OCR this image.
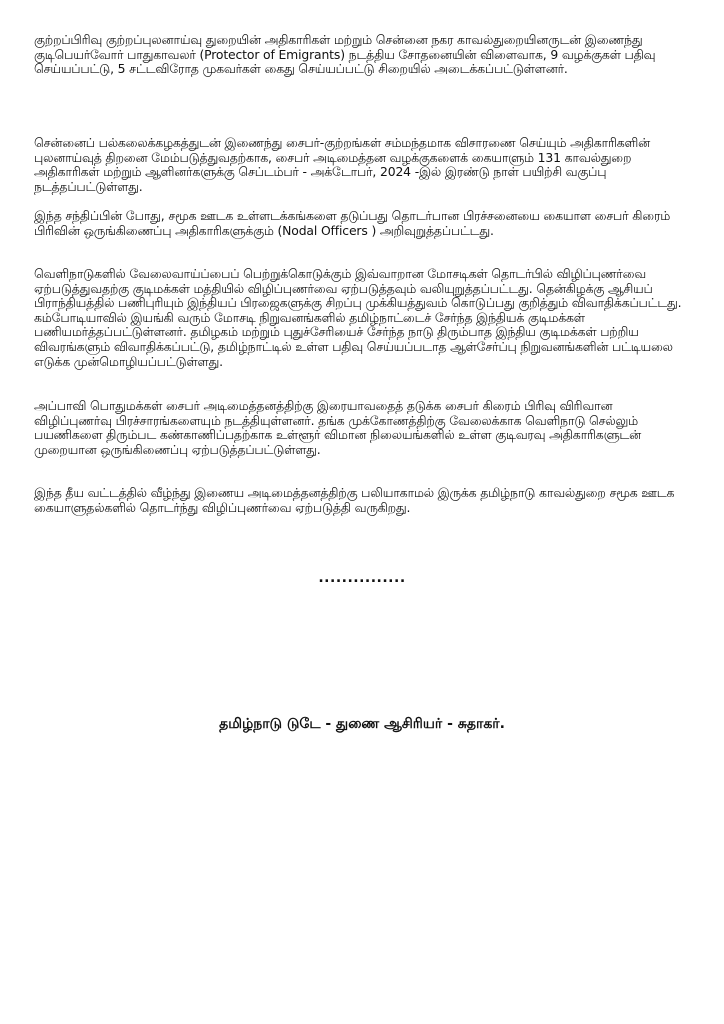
குற்றப்பிரிவு குற்றப்புலனாய்வு துறையின் அதிகாரிகள் மற்றும் சென்னை நகர காவல்துறையினருடன் இணைந்து குடிபெயர்வோர் பாதுகாவலர் (Protector of Emigrants) நடத்திய சோதனையின் விளைவாக, 9 வழக்குகள் பதிவு செய்யப்பட்டு, 5 சட்டவிரோத முகவர்கள் கைது செய்யப்பட்டு சிறையில் அடைக்கப்பட்டுள்ளனர்.

சென்னைப் பல்கலைக்கழகத்துடன் இணைந்து சைபர்-குற்றங்கள் சம்மந்தமாக விசாரணை செய்யும் அதிகாரிகளின் புலனாய்வுத் திறனை மேம்படுத்துவதற்காக, சைபர் அடிமைத்தன வழக்குகளைக் கையாளும் 131 காவல்துறை அதிகாரிகள் மற்றும் ஆளினர்களுக்கு செப்டம்பர் - அக்டோபர், 2024 -இல் இரண்டு நாள் பயிற்சி வகுப்பு நடத்தப்பட்டுள்ளது.

இந்த சந்திப்பின் போது, சமூக ஊடக உள்ளடக்கங்களை தடுப்பது தொடர்பான பிரச்சனையை கையாள சைபர் கிரைம் பிரிவின் ஒருங்கிணைப்பு அதிகாரிகளுக்கும் (Nodal Officers ) அறிவுறுத்தப்பட்டது.

வெளிநாடுகளில் வேலைவாய்ப்பைப் பெற்றுக்கொடுக்கும் இவ்வாறான மோசடிகள் தொடர்பில் விழிப்புணர்வை ஏற்படுத்துவதற்கு குடிமக்கள் மத்தியில் விழிப்புணர்வை ஏற்படுத்தவும் வலியுறுத்தப்பட்டது. தென்கிழக்கு ஆசியப் பிராந்தியத்தில் பணிபுரியும் இந்தியப் பிரஜைகளுக்கு சிறப்பு முக்கியத்துவம் கொடுப்பது குறித்தும் விவாதிக்கப்பட்டது. கம்போடியாவில் இயங்கி வரும் மோசடி நிறுவனங்களில் தமிழ்நாட்டைச் சேர்ந்த இந்தியக் குடிமக்கள் பணியமர்த்தப்பட்டுள்ளனர். தமிழகம் மற்றும் புதுச்சேரியைச் சேர்ந்த நாடு திரும்பாத இந்திய குடிமக்கள் பற்றிய விவரங்களும் விவாதிக்கப்பட்டு, தமிழ்நாட்டில் உள்ள பதிவு செய்யப்படாத ஆள்சேர்ப்பு நிறுவனங்களின் பட்டியலை எடுக்க முன்மொழியப்பட்டுள்ளது.

அப்பாவி பொதுமக்கள் சைபர் அடிமைத்தனத்திற்கு இரையாவதைத் தடுக்க சைபர் கிரைம் பிரிவு விரிவான விழிப்புணர்வு பிரச்சாரங்களையும் நடத்தியுள்ளனர். தங்க முக்கோணத்திற்கு வேலைக்காக வெளிநாடு செல்லும் பயணிகளை திரும்பட கண்காணிப்பதற்காக உள்ளூர் விமான நிலையங்களில் உள்ள குடிவரவு அதிகாரிகளுடன் முறையான ஒருங்கிணைப்பு ஏற்படுத்தப்பட்டுள்ளது.

இந்த தீய வட்டத்தில் வீழ்ந்து இணைய அடிமைத்தனத்திற்கு பலியாகாமல் இருக்க தமிழ்நாடு காவல்துறை சமூக ஊடக கையாளுதல்களில் தொடர்ந்து விழிப்புணர்வை ஏற்படுத்தி வருகிறது.

...............

தமிழ்நாடு டுடே - துணை ஆசிரியர் - சுதாகர்.
